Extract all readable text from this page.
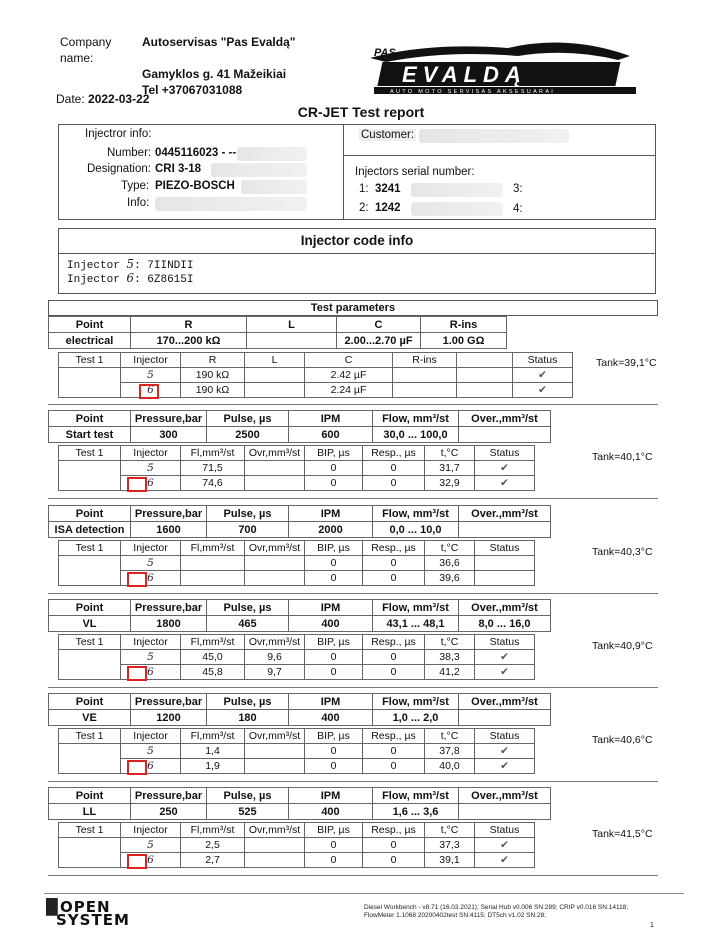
Company name:
Autoservisas "Pas Evaldą"
Gamyklos g. 41 Mažeikiai
Tel +37067031088
PAS
EVALDĄ
AUTO MOTO SERVISAS AKSESUARAI
Date: 2022-03-22
CR-JET Test report
Injectror info:
Number: 0445116023 - --
Designation: CRI 3-18
Type: PIEZO-BOSCH
Info:
Customer:
Injectors serial number:
1: 3241	3:
2: 1242	4:
Injector code info
Injector 5: 7IINDII
Injector 6: 6Z8615I
Test parameters
Point	R	L	C	R-ins	
electrical	170...200 kΩ		2.00...2.70 µF	1.00 GΩ	
Test 1	Injector	R	L	C	R-ins		Status
	5	190 kΩ		2.42 µF			✔
	6	190 kΩ		2.24 µF			✔
Tank=39,1°C
Point	Pressure,bar	Pulse, µs	IPM	Flow, mm³/st	Over.,mm³/st
Start test	300	2500	600	30,0 ... 100,0	
Test 1	Injector	Fl,mm³/st	Ovr,mm³/st	BIP, µs	Resp., µs	t,°C	Status
	5	71,5		0	0	31,7	✔
	6	74,6		0	0	32,9	✔
Tank=40,1°C
Point	Pressure,bar	Pulse, µs	IPM	Flow, mm³/st	Over.,mm³/st
ISA detection	1600	700	2000	0,0 ... 10,0	
Test 1	Injector	Fl,mm³/st	Ovr,mm³/st	BIP, µs	Resp., µs	t,°C	Status
	5			0	0	36,6	
	6			0	0	39,6	
Tank=40,3°C
Point	Pressure,bar	Pulse, µs	IPM	Flow, mm³/st	Over.,mm³/st
VL	1800	465	400	43,1 ... 48,1	8,0 ... 16,0
Test 1	Injector	Fl,mm³/st	Ovr,mm³/st	BIP, µs	Resp., µs	t,°C	Status
	5	45,0	9,6	0	0	38,3	✔
	6	45,8	9,7	0	0	41,2	✔
Tank=40,9°C
Point	Pressure,bar	Pulse, µs	IPM	Flow, mm³/st	Over.,mm³/st
VE	1200	180	400	1,0 ... 2,0	
Test 1	Injector	Fl,mm³/st	Ovr,mm³/st	BIP, µs	Resp., µs	t,°C	Status
	5	1,4		0	0	37,8	✔
	6	1,9		0	0	40,0	✔
Tank=40,6°C
Point	Pressure,bar	Pulse, µs	IPM	Flow, mm³/st	Over.,mm³/st
LL	250	525	400	1,6 ... 3,6	
Test 1	Injector	Fl,mm³/st	Ovr,mm³/st	BIP, µs	Resp., µs	t,°C	Status
	5	2,5		0	0	37,3	✔
	6	2,7		0	0	39,1	✔
Tank=41,5°C
█OPEN
SYSTEM
Diesel Workbench - v8.71 (16.03.2021); Serial Hub v0.006 SN:289; CRIP v0.016 SN:14118; FlowMeter 1.1068 20200402test SN:4115; DT5ch v1.02 SN:28;
1
